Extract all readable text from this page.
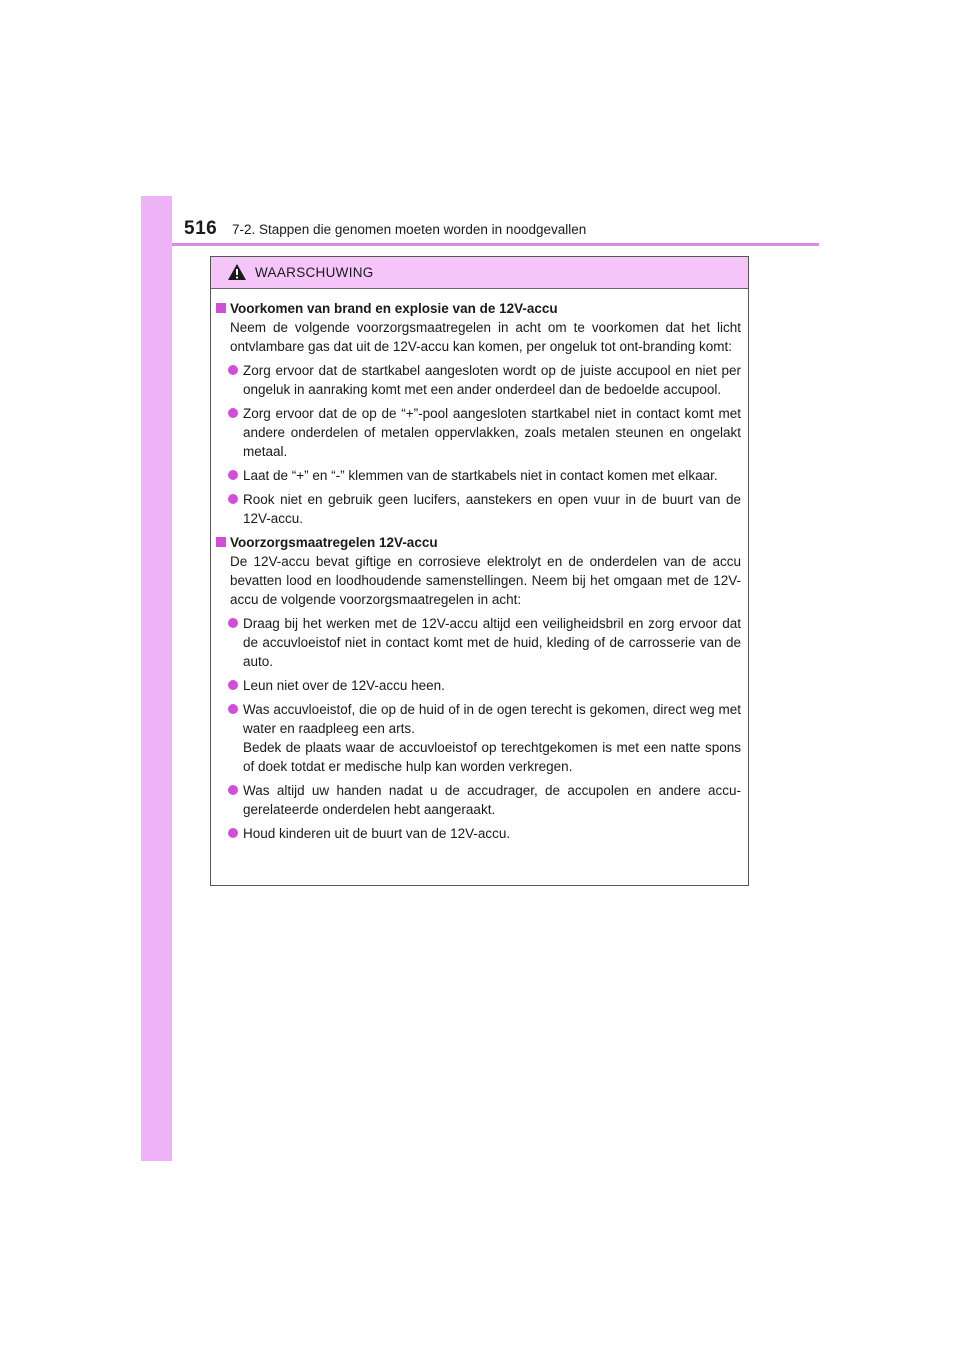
516 7-2. Stappen die genomen moeten worden in noodgevallen
WAARSCHUWING
Voorkomen van brand en explosie van de 12V-accu

Neem de volgende voorzorgsmaatregelen in acht om te voorkomen dat het licht ontvlambare gas dat uit de 12V-accu kan komen, per ongeluk tot ont-branding komt:

Zorg ervoor dat de startkabel aangesloten wordt op de juiste accupool en niet per ongeluk in aanraking komt met een ander onderdeel dan de bedoelde accupool.
Zorg ervoor dat de op de “+”-pool aangesloten startkabel niet in contact komt met andere onderdelen of metalen oppervlakken, zoals metalen steunen en ongelakt metaal.
Laat de “+” en “-” klemmen van de startkabels niet in contact komen met elkaar.
Rook niet en gebruik geen lucifers, aanstekers en open vuur in de buurt van de 12V-accu.
Voorzorgsmaatregelen 12V-accu

De 12V-accu bevat giftige en corrosieve elektrolyt en de onderdelen van de accu bevatten lood en loodhoudende samenstellingen. Neem bij het omgaan met de 12V-accu de volgende voorzorgsmaatregelen in acht:

Draag bij het werken met de 12V-accu altijd een veiligheidsbril en zorg ervoor dat de accuvloeistof niet in contact komt met de huid, kleding of de carrosserie van de auto.
Leun niet over de 12V-accu heen.
Was accuvloeistof, die op de huid of in de ogen terecht is gekomen, direct weg met water en raadpleeg een arts.
Bedek de plaats waar de accuvloeistof op terechtgekomen is met een natte spons of doek totdat er medische hulp kan worden verkregen.
Was altijd uw handen nadat u de accudrager, de accupolen en andere accu-gerelateerde onderdelen hebt aangeraakt.
Houd kinderen uit de buurt van de 12V-accu.
